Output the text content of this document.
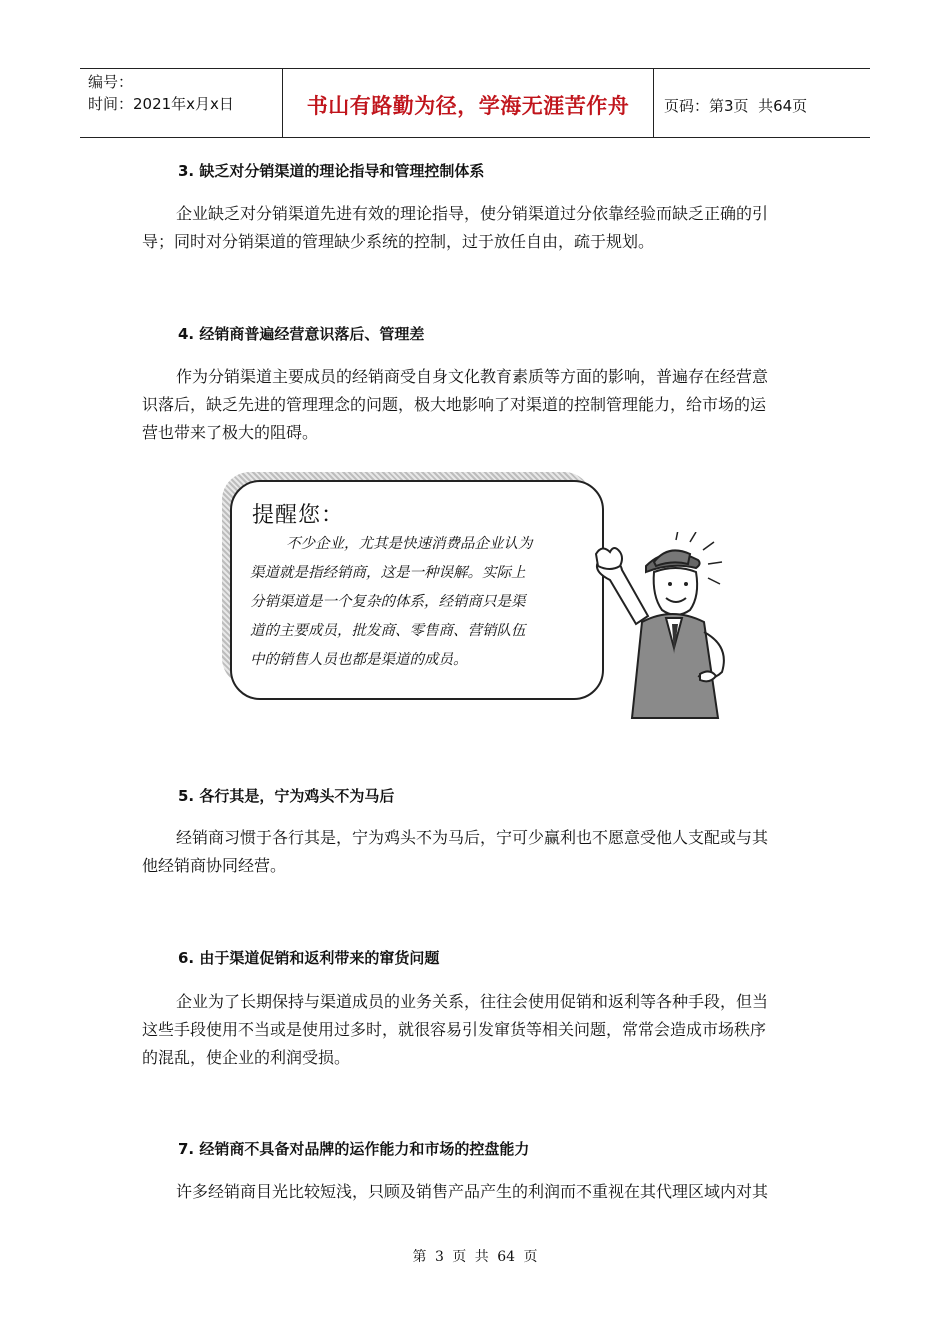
编号：
时间：2021年x月x日	书山有路勤为径，学海无涯苦作舟 页码：第3页  共64页
3. 缺乏对分销渠道的理论指导和管理控制体系
企业缺乏对分销渠道先进有效的理论指导，使分销渠道过分依靠经验而缺乏正确的引
导；同时对分销渠道的管理缺少系统的控制，过于放任自由，疏于规划。
4. 经销商普遍经营意识落后、管理差
作为分销渠道主要成员的经销商受自身文化教育素质等方面的影响，普遍存在经营意
识落后，缺乏先进的管理理念的问题，极大地影响了对渠道的控制管理能力，给市场的运
营也带来了极大的阻碍。
提醒您：
不少企业，尤其是快速消费品企业认为
渠道就是指经销商，这是一种误解。实际上
分销渠道是一个复杂的体系，经销商只是渠
道的主要成员，批发商、零售商、营销队伍
中的销售人员也都是渠道的成员。
5. 各行其是，宁为鸡头不为马后
经销商习惯于各行其是，宁为鸡头不为马后，宁可少赢利也不愿意受他人支配或与其
他经销商协同经营。
6. 由于渠道促销和返利带来的窜货问题
企业为了长期保持与渠道成员的业务关系，往往会使用促销和返利等各种手段，但当
这些手段使用不当或是使用过多时，就很容易引发窜货等相关问题，常常会造成市场秩序
的混乱，使企业的利润受损。
7. 经销商不具备对品牌的运作能力和市场的控盘能力
许多经销商目光比较短浅，只顾及销售产品产生的利润而不重视在其代理区域内对其
第 3 页 共 64 页
